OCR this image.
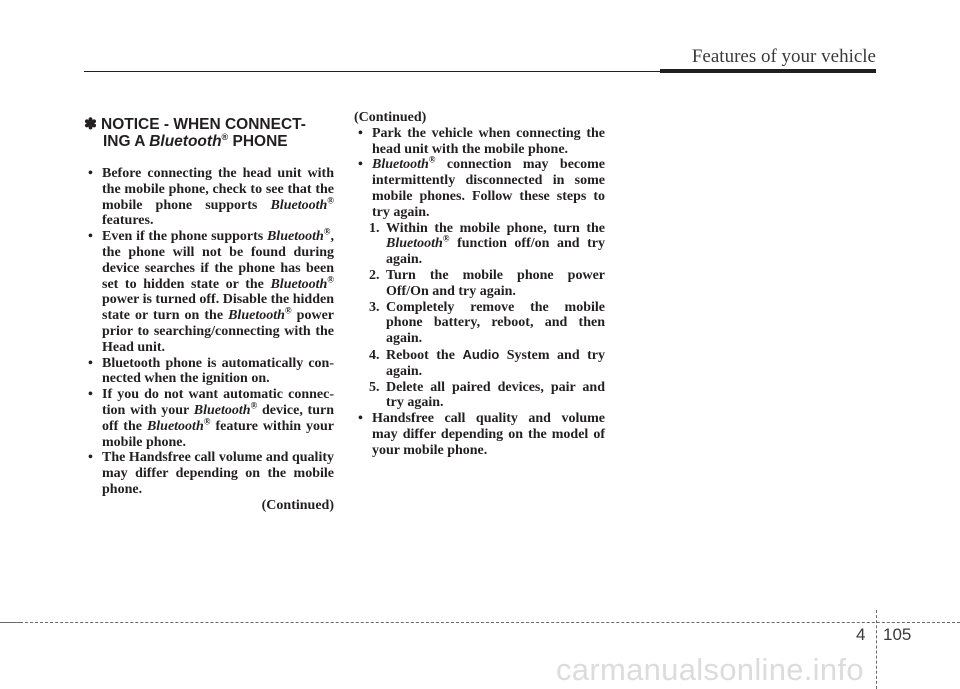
Features of your vehicle
✽ NOTICE - WHEN CONNECT-
ING A Bluetooth® PHONE

• Before connecting the head unit with the mobile phone, check to see that the mobile phone supports Bluetooth® features.

• Even if the phone supports Bluetooth®, the phone will not be found during device searches if the phone has been set to hidden state or the Bluetooth® power is turned off. Disable the hidden state or turn on the Bluetooth® power prior to searching/connecting with the Head unit.

• Bluetooth phone is automatically con- nected when the ignition on.

• If you do not want automatic connec- tion with your Bluetooth® device, turn off the Bluetooth® feature within your mobile phone.

• The Handsfree call volume and quality may differ depending on the mobile phone.

(Continued)

(Continued)

• Park the vehicle when connecting the head unit with the mobile phone.

• Bluetooth® connection may become intermittently disconnected in some mobile phones. Follow these steps to try again.

1. Within the mobile phone, turn the Bluetooth® function off/on and try again.

2. Turn the mobile phone power Off/On and try again.

3. Completely remove the mobile phone battery, reboot, and then again.

4. Reboot the Audio System and try again.

5. Delete all paired devices, pair and try again.

• Handsfree call quality and volume may differ depending on the model of your mobile phone.

4 105
carmanualsonline.info
